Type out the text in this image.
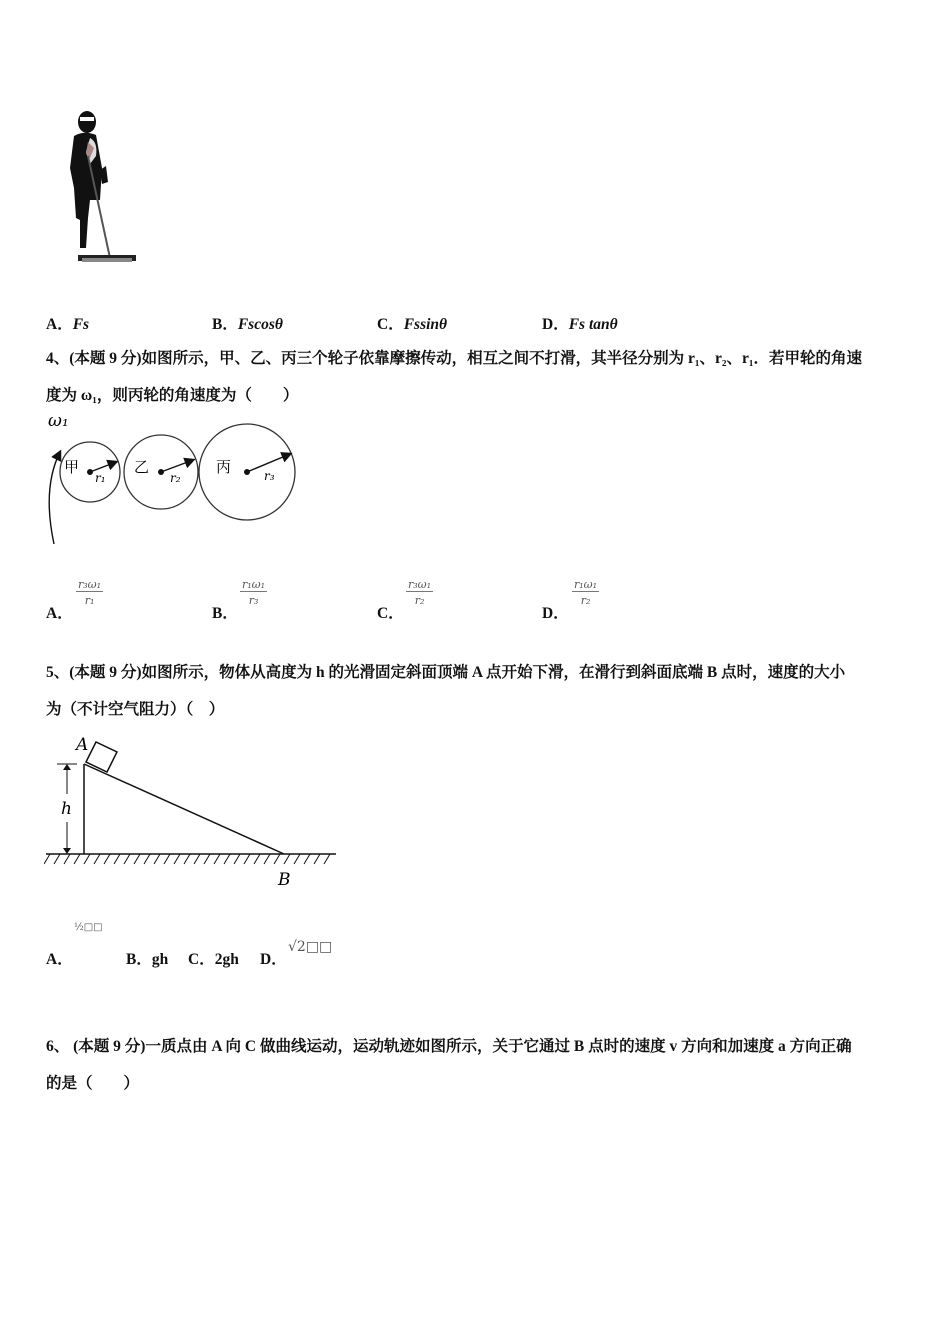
A．Fs	B．Fscosθ	C．Fssinθ	D．Fs tanθ
4、(本题 9 分)如图所示，甲、乙、丙三个轮子依靠摩擦传动，相互之间不打滑，其半径分别为 r₁、r₂、r₁．若甲轮的角速
度为 ω₁，则丙轮的角速度为（　　）
ω₁
甲	乙	丙
r₁	r₂	r₃
A．
$\frac{\text{r₃ω₁}}{\text{r₁}}$
B．
$\frac{\text{r₁ω₁}}{\text{r₃}}$
C．
$\frac{\text{r₃ω₁}}{\text{r₂}}$
D．
$\frac{\text{r₁ω₁}}{\text{r₂}}$
5、(本题 9 分)如图所示，物体从高度为 h 的光滑固定斜面顶端 A 点开始下滑，在滑行到斜面底端 B 点时，速度的大小
为（不计空气阻力）（　）
h
A
B
A．
½□□
B．gh C．2gh D．
√2□□
6、 (本题 9 分)一质点由 A 向 C 做曲线运动，运动轨迹如图所示，关于它通过 B 点时的速度 v 方向和加速度 a 方向正确
的是（　　）
